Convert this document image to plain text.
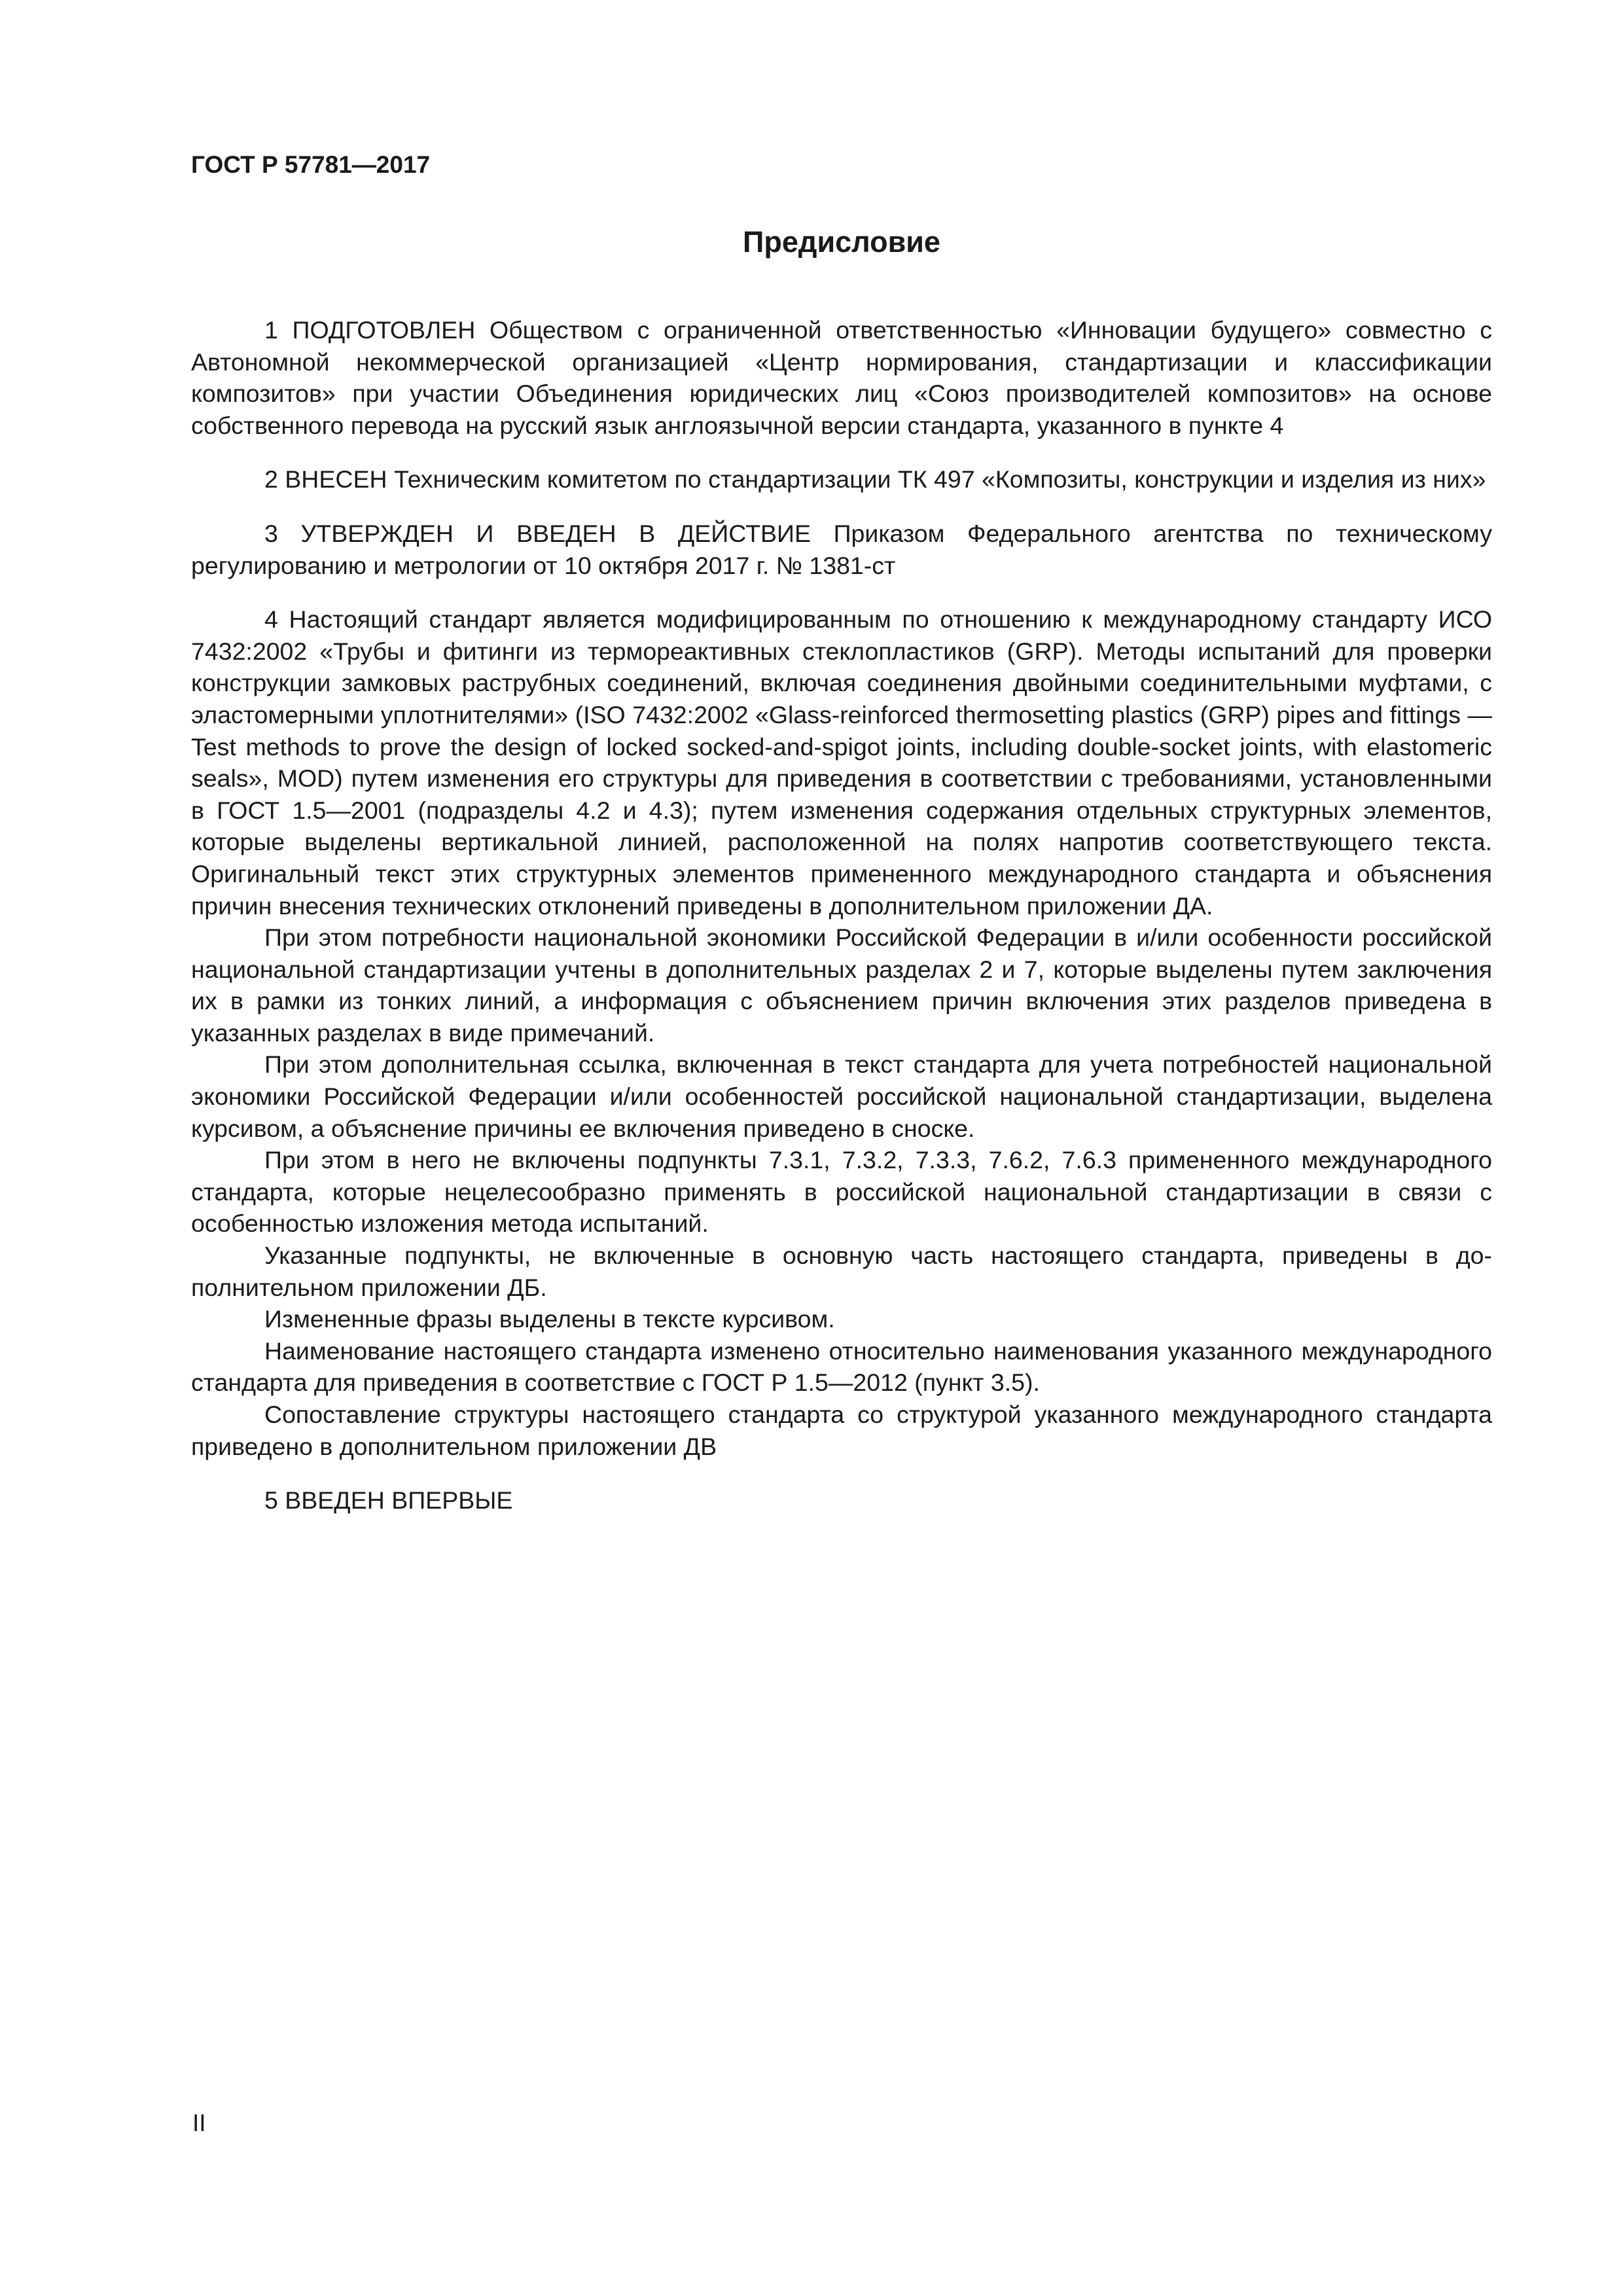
ГОСТ Р 57781—2017
Предисловие

1 ПОДГОТОВЛЕН Обществом с ограниченной ответственностью «Инновации будущего» совместно с Автономной некоммерческой организацией «Центр нормирования, стандартизации и классификации композитов» при участии Объединения юридических лиц «Союз производителей композитов» на основе собственного перевода на русский язык англоязычной версии стандарта, указанного в пункте 4

2 ВНЕСЕН Техническим комитетом по стандартизации ТК 497 «Композиты, конструкции и изделия из них»

3 УТВЕРЖДЕН И ВВЕДЕН В ДЕЙСТВИЕ Приказом Федерального агентства по техническому регулированию и метрологии от 10 октября 2017 г. № 1381-ст

4 Настоящий стандарт является модифицированным по отношению к международному стандарту ИСО 7432:2002 «Трубы и фитинги из термореактивных стеклопластиков (GRP). Методы испытаний для проверки конструкции замковых раструбных соединений, включая соединения двойными соединительными муфтами, с эластомерными уплотнителями» (ISO 7432:2002 «Glass-reinforced thermosetting plastics (GRP) pipes and fittings —Test methods to prove the design of locked socked-and-spigot joints, including double-socket joints, with elastomeric seals», MOD) путем изменения его структуры для приведения в соответствии с требованиями, установленными в ГОСТ 1.5—2001 (подразделы 4.2 и 4.3); путем изменения содержания отдельных структурных элементов, которые выделены вертикальной линией, расположенной на полях напротив соответствующего текста. Оригинальный текст этих структурных элементов примененного международного стандарта и объяснения причин внесения технических отклонений приведены в дополнительном приложении ДА.

При этом потребности национальной экономики Российской Федерации в и/или особенности российской национальной стандартизации учтены в дополнительных разделах 2 и 7, которые выделены путем заключения их в рамки из тонких линий, а информация с объяснением причин включения этих разделов приведена в указанных разделах в виде примечаний.

При этом дополнительная ссылка, включенная в текст стандарта для учета потребностей национальной экономики Российской Федерации и/или особенностей российской национальной стандартизации, выделена курсивом, а объяснение причины ее включения приведено в сноске.

При этом в него не включены подпункты 7.3.1, 7.3.2, 7.3.3, 7.6.2, 7.6.3 примененного международного стандарта, которые нецелесообразно применять в российской национальной стандартизации в связи с особенностью изложения метода испытаний.

Указанные подпункты, не включенные в основную часть настоящего стандарта, приведены в дополнительном приложении ДБ.

Измененные фразы выделены в тексте курсивом.

Наименование настоящего стандарта изменено относительно наименования указанного международного стандарта для приведения в соответствие с ГОСТ Р 1.5—2012 (пункт 3.5).

Сопоставление структуры настоящего стандарта со структурой указанного международного стандарта приведено в дополнительном приложении ДВ

5 ВВЕДЕН ВПЕРВЫЕ

II
